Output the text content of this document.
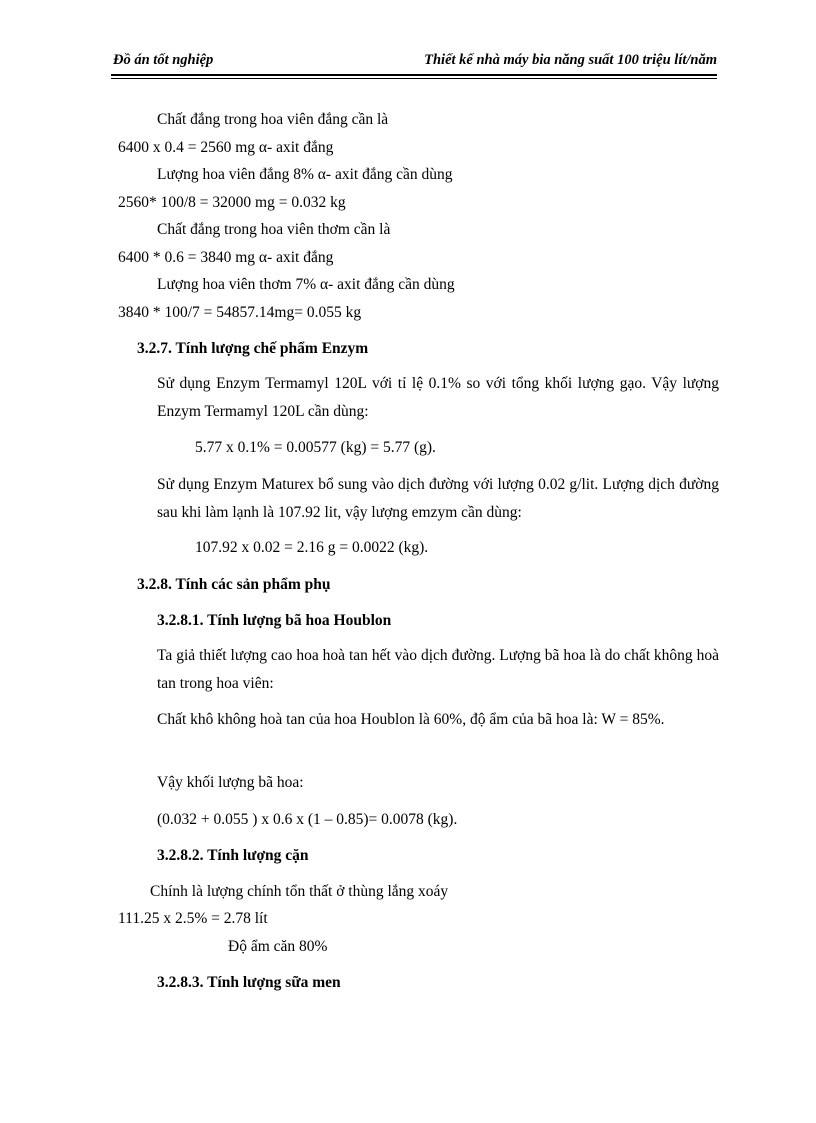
Đồ án tốt nghiệp	Thiết kế nhà máy bia năng suất 100 triệu lít/năm
Chất đắng trong hoa viên đắng cần là
6400 x 0.4 = 2560 mg α- axit đắng
Lượng hoa viên đắng 8% α- axit đắng cần dùng
2560* 100/8 = 32000 mg = 0.032 kg
Chất đắng trong hoa viên thơm cần là
6400 * 0.6 = 3840 mg α- axit đắng
Lượng hoa viên thơm 7% α- axit đắng cần dùng
3840 * 100/7 = 54857.14mg= 0.055 kg
3.2.7. Tính lượng chế phẩm Enzym
Sử dụng Enzym Termamyl 120L với tỉ lệ 0.1% so với tổng khối lượng gạo. Vậy lượng Enzym Termamyl 120L cần dùng:
5.77 x 0.1% = 0.00577 (kg) = 5.77 (g).
Sử dụng Enzym Maturex bổ sung vào dịch đường với lượng 0.02 g/lit. Lượng dịch đường sau khi làm lạnh là 107.92 lit, vậy lượng emzym cần dùng:
107.92 x 0.02 = 2.16 g = 0.0022 (kg).
3.2.8. Tính các sản phẩm phụ
3.2.8.1. Tính lượng bã hoa Houblon
Ta giả thiết lượng cao hoa hoà tan hết vào dịch đường. Lượng bã hoa là do chất không hoà tan trong hoa viên:
Chất khô không hoà tan của hoa Houblon là 60%, độ ẩm của bã hoa là: W = 85%.
Vậy khối lượng bã hoa:
(0.032 + 0.055 ) x 0.6 x (1 – 0.85)= 0.0078 (kg).
3.2.8.2. Tính lượng cặn
Chính là lượng chính tổn thất ở thùng lắng xoáy
111.25 x 2.5% = 2.78 lít
Độ ẩm căn 80%
3.2.8.3. Tính lượng sữa men
